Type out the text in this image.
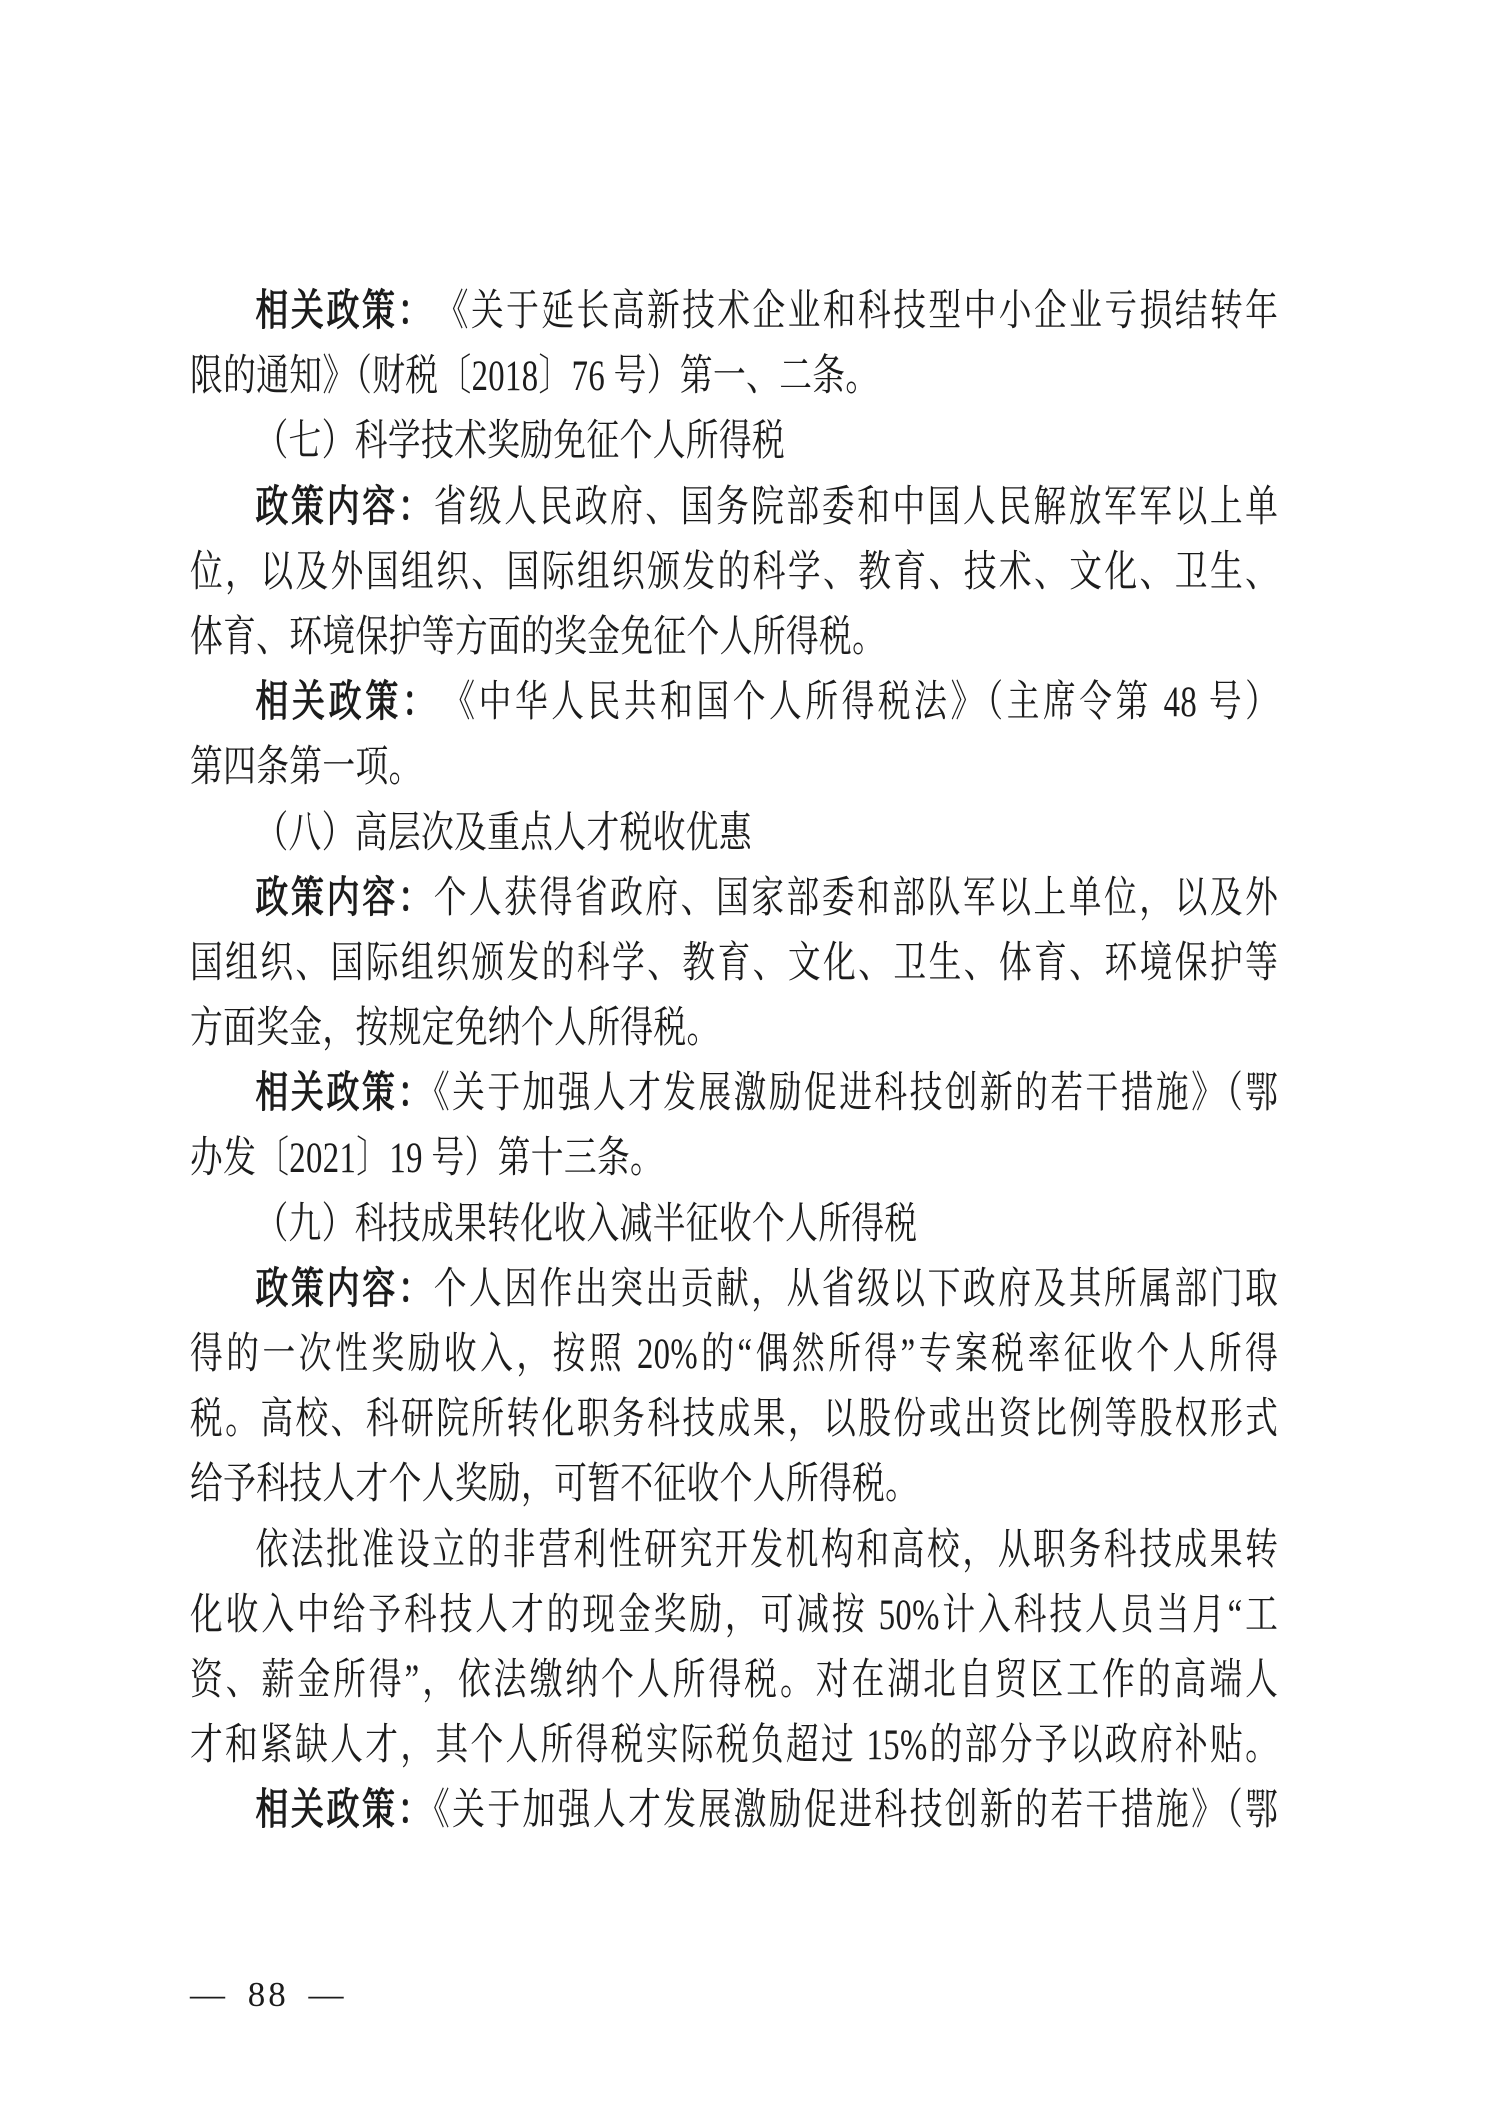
相关政策：　《关于延长高新技术企业和科技型中小企业亏损结转年
限的通知》（财税〔2018〕76 号）第一、二条。
（七）科学技术奖励免征个人所得税
政策内容：省级人民政府、国务院部委和中国人民解放军军以上单
位，以及外国组织、国际组织颁发的科学、教育、技术、文化、卫生、
体育、环境保护等方面的奖金免征个人所得税。
相关政策：　《中华人民共和国个人所得税法》（主席令第 48 号）
第四条第一项。
（八）高层次及重点人才税收优惠
政策内容：个人获得省政府、国家部委和部队军以上单位，以及外
国组织、国际组织颁发的科学、教育、文化、卫生、体育、环境保护等
方面奖金，按规定免纳个人所得税。
相关政策：《关于加强人才发展激励促进科技创新的若干措施》（鄂
办发〔2021〕19 号）第十三条。
（九）科技成果转化收入减半征收个人所得税
政策内容：个人因作出突出贡献，从省级以下政府及其所属部门取
得的一次性奖励收入，按照 20%的“偶然所得”专案税率征收个人所得
税。高校、科研院所转化职务科技成果，以股份或出资比例等股权形式
给予科技人才个人奖励，可暂不征收个人所得税。
依法批准设立的非营利性研究开发机构和高校，从职务科技成果转
化收入中给予科技人才的现金奖励，可减按 50%计入科技人员当月“工
资、薪金所得”，依法缴纳个人所得税。对在湖北自贸区工作的高端人
才和紧缺人才，其个人所得税实际税负超过 15%的部分予以政府补贴。
相关政策：《关于加强人才发展激励促进科技创新的若干措施》（鄂
— 88 —
